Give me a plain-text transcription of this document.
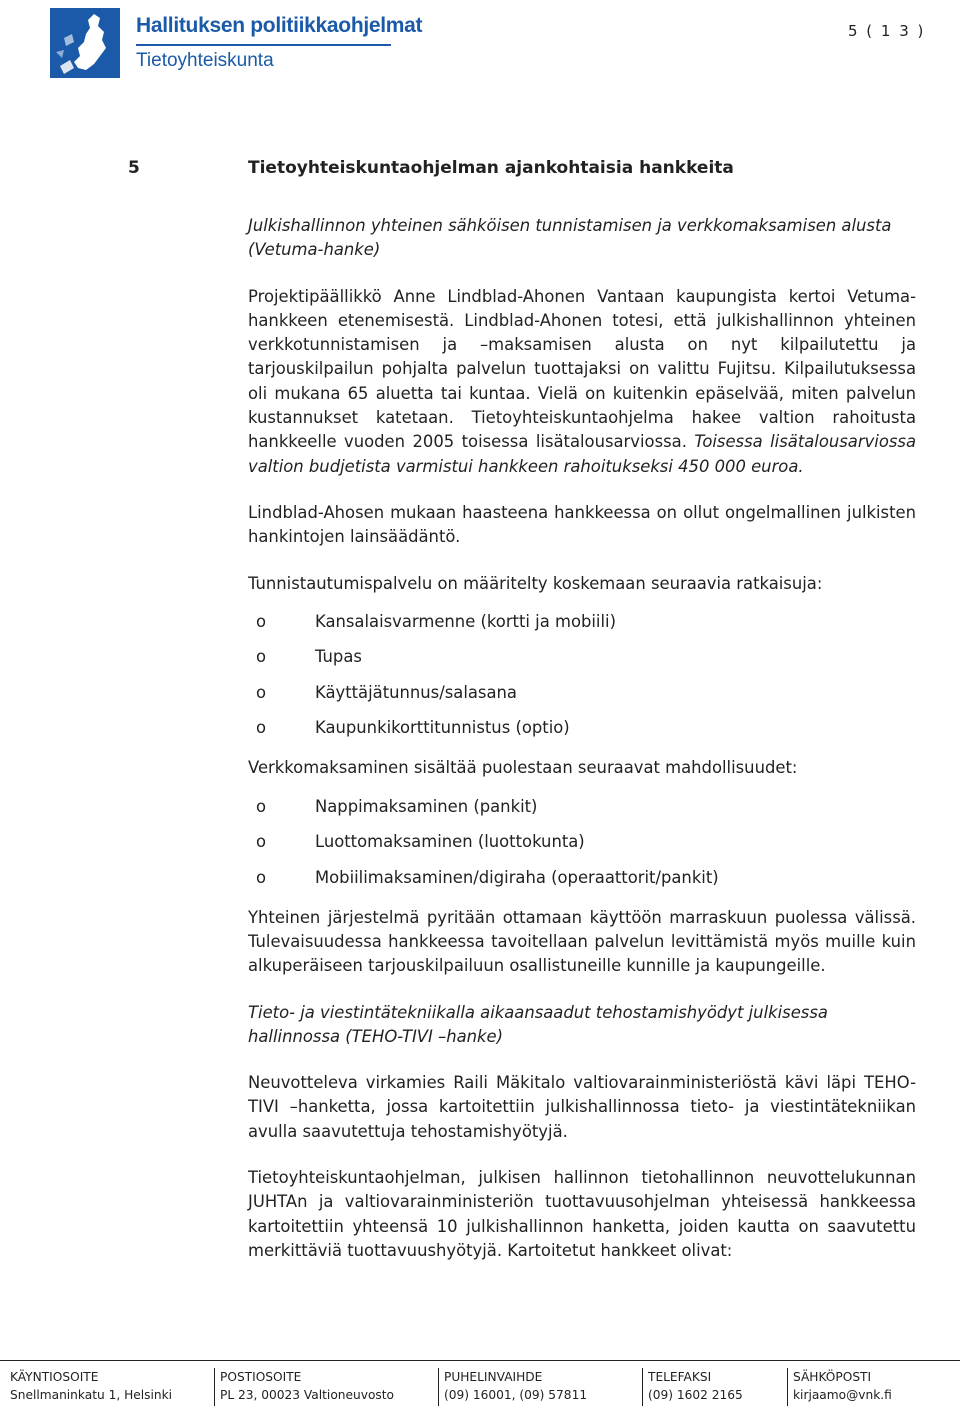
Hallituksen politiikkaohjelmat
Tietoyhteiskunta
5 ( 1 3 )
5	Tietoyhteiskuntaohjelman ajankohtaisia hankkeita
Julkishallinnon yhteinen sähköisen tunnistamisen ja verkkomaksamisen alusta (Vetuma-hanke)

Projektipäällikkö Anne Lindblad-Ahonen Vantaan kaupungista kertoi Vetuma-hankkeen etenemisestä. Lindblad-Ahonen totesi, että julkishallinnon yhteinen verkkotunnistamisen ja –maksamisen alusta on nyt kilpailutettu ja tarjouskilpailun pohjalta palvelun tuottajaksi on valittu Fujitsu. Kilpailutuksessa oli mukana 65 aluetta tai kuntaa. Vielä on kuitenkin epäselvää, miten palvelun kustannukset katetaan. Tietoyhteiskuntaohjelma hakee valtion rahoitusta hankkeelle vuoden 2005 toisessa lisätalousarviossa. Toisessa lisätalousarviossa valtion budjetista varmistui hankkeen rahoitukseksi 450 000 euroa.

Lindblad-Ahosen mukaan haasteena hankkeessa on ollut ongelmallinen julkisten hankintojen lainsäädäntö.

Tunnistautumispalvelu on määritelty koskemaan seuraavia ratkaisuja:

o	Kansalaisvarmenne (kortti ja mobiili)
o	Tupas
o	Käyttäjätunnus/salasana
o	Kaupunkikorttitunnistus (optio)

Verkkomaksaminen sisältää puolestaan seuraavat mahdollisuudet:

o	Nappimaksaminen (pankit)
o	Luottomaksaminen (luottokunta)
o	Mobiilimaksaminen/digiraha (operaattorit/pankit)

Yhteinen järjestelmä pyritään ottamaan käyttöön marraskuun puolessa välissä. Tulevaisuudessa hankkeessa tavoitellaan palvelun levittämistä myös muille kuin alkuperäiseen tarjouskilpailuun osallistuneille kunnille ja kaupungeille.

Tieto- ja viestintätekniikalla aikaansaadut tehostamishyödyt julkisessa hallinnossa (TEHO-TIVI –hanke)

Neuvotteleva virkamies Raili Mäkitalo valtiovarainministeriöstä kävi läpi TEHO-TIVI –hanketta, jossa kartoitettiin julkishallinnossa tieto- ja viestintätekniikan avulla saavutettuja tehostamishyötyjä.

Tietoyhteiskuntaohjelman, julkisen hallinnon tietohallinnon neuvottelukunnan JUHTAn ja valtiovarainministeriön tuottavuusohjelman yhteisessä hankkeessa kartoitettiin yhteensä 10 julkishallinnon hanketta, joiden kautta on saavutettu merkittäviä tuottavuushyötyjä. Kartoitetut hankkeet olivat:

KÄYNTIOSOITE
Snellmaninkatu 1, Helsinki
POSTIOSOITE
PL 23, 00023 Valtioneuvosto
PUHELINVAIHDE
(09) 16001, (09) 57811
TELEFAKSI
(09) 1602 2165
SÄHKÖPOSTI
kirjaamo@vnk.fi
